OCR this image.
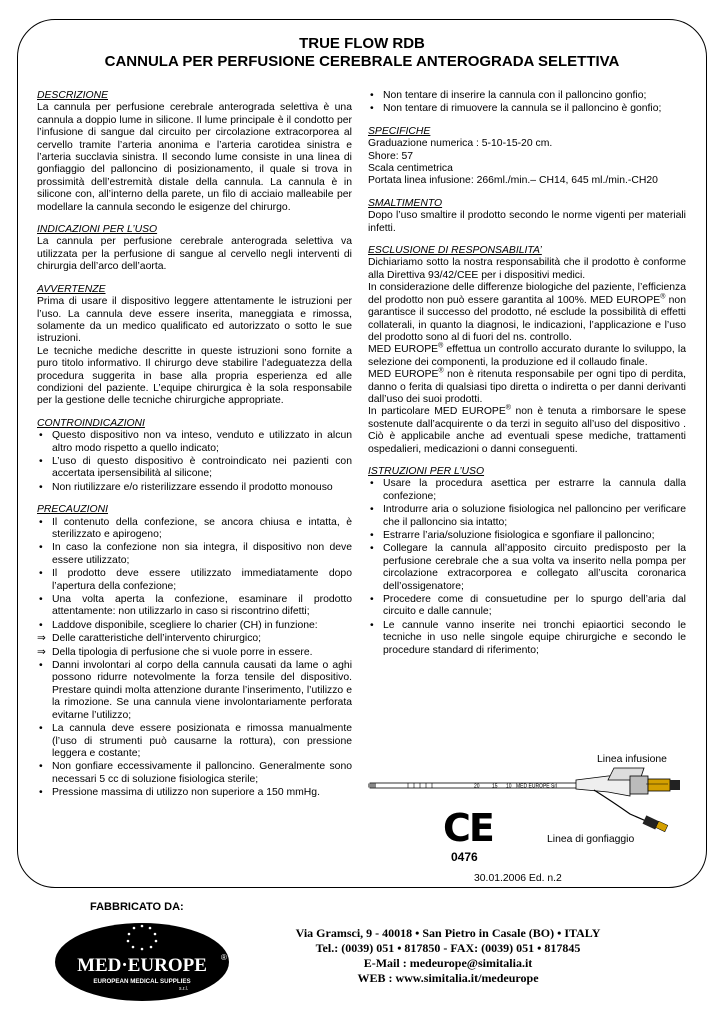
TRUE FLOW RDB
CANNULA PER PERFUSIONE CEREBRALE ANTEROGRADA SELETTIVA
DESCRIZIONE
La cannula per perfusione cerebrale anterograda selettiva è una cannula a doppio lume in silicone. Il lume principale è il condotto per l’infusione di sangue dal circuito per circolazione extracorporea al cervello tramite l’arteria anonima e l’arteria carotidea sinistra e l’arteria succlavia sinistra. Il secondo lume consiste in una linea di gonfiaggio del palloncino di posizionamento, il quale si trova in prossimità dell’estremità distale della cannula. La cannula è in silicone con, all’interno della parete, un filo di acciaio malleabile per modellare la cannula secondo le esigenze del chirurgo.
INDICAZIONI PER L’USO
La cannula per perfusione cerebrale anterograda selettiva va utilizzata per la perfusione di sangue al cervello negli interventi di chirurgia dell’arco dell’aorta.
AVVERTENZE
Prima di usare il dispositivo leggere attentamente le istruzioni per l’uso. La cannula deve essere inserita, maneggiata e rimossa, solamente da un medico qualificato ed autorizzato o sotto le sue istruzioni.
Le tecniche mediche descritte in queste istruzioni sono fornite a puro titolo informativo. Il chirurgo deve stabilire l’adeguatezza della procedura suggerita in base alla propria esperienza ed alle condizioni del paziente. L’equipe chirurgica è la sola responsabile per la gestione delle tecniche chirurgiche appropriate.
CONTROINDICAZIONI
• Questo dispositivo non va inteso, venduto e utilizzato in alcun altro modo rispetto a quello indicato;
• L’uso di questo dispositivo è controindicato nei pazienti con accertata ipersensibilità al silicone;
• Non riutilizzare e/o risterilizzare essendo il prodotto monouso
PRECAUZIONI
• Il contenuto della confezione, se ancora chiusa e intatta, è sterilizzato e apirogeno;
• In caso la confezione non sia integra, il dispositivo non deve essere utilizzato;
• Il prodotto deve essere utilizzato immediatamente dopo l’apertura della confezione;
• Una volta aperta la confezione, esaminare il prodotto attentamente: non utilizzarlo in caso si riscontrino difetti;
• Laddove disponibile, scegliere lo charier (CH) in funzione:
⇒ Delle caratteristiche dell’intervento chirurgico;
⇒ Della tipologia di perfusione che si vuole porre in essere.
• Danni involontari al corpo della cannula causati da lame o aghi possono ridurre notevolmente la forza tensile del dispositivo. Prestare quindi molta attenzione durante l’inserimento, l’utilizzo e la rimozione. Se una cannula viene involontariamente perforata evitarne l’utilizzo;
• La cannula deve essere posizionata e rimossa manualmente (l’uso di strumenti può causarne la rottura), con pressione leggera e costante;
• Non gonfiare eccessivamente il palloncino. Generalmente sono necessari 5 cc di soluzione fisiologica sterile;
• Pressione massima di utilizzo non superiore a 150 mmHg.
• Non tentare di inserire la cannula con il palloncino gonfio;
• Non tentare di rimuovere la cannula se il palloncino è gonfio;
SPECIFICHE
Graduazione numerica : 5-10-15-20 cm.
Shore: 57
Scala centimetrica
Portata linea infusione: 266ml./min.– CH14, 645 ml./min.-CH20
SMALTIMENTO
Dopo l’uso smaltire il prodotto secondo le norme vigenti per materiali infetti.
ESCLUSIONE DI RESPONSABILITA’
Dichiariamo sotto la nostra responsabilità che il prodotto è conforme alla Direttiva 93/42/CEE per i dispositivi medici.
In considerazione delle differenze biologiche del paziente, l’efficienza del prodotto non può essere garantita al 100%. MED EUROPE® non garantisce il successo del prodotto, né esclude la possibilità di effetti collaterali, in quanto la diagnosi, le indicazioni, l’applicazione e l’uso del prodotto sono al di fuori del ns. controllo.
MED EUROPE® effettua un controllo accurato durante lo sviluppo, la selezione dei componenti, la produzione ed il collaudo finale.
MED EUROPE® non è ritenuta responsabile per ogni tipo di perdita, danno o ferita di qualsiasi tipo diretta o indiretta o per danni derivanti dall’uso dei suoi prodotti.
In particolare MED EUROPE® non è tenuta a rimborsare le spese sostenute dall’acquirente o da terzi in seguito all’uso del dispositivo . Ciò è applicabile anche ad eventuali spese mediche, trattamenti ospedalieri, medicazioni o danni conseguenti.
ISTRUZIONI PER L’USO
• Usare la procedura asettica per estrarre la cannula dalla confezione;
• Introdurre aria o soluzione fisiologica nel palloncino per verificare che il palloncino sia intatto;
• Estrarre l’aria/soluzione fisiologica e sgonfiare il palloncino;
• Collegare la cannula all’apposito circuito predisposto per la perfusione cerebrale che a sua volta va inserito nella pompa per circolazione extracorporea e collegato all’uscita coronarica dell’ossigenatore;
• Procedere come di consuetudine per lo spurgo dell’aria dal circuito e dalle cannule;
• Le cannule vanno inserite nei tronchi epiaortici secondo le tecniche in uso nelle singole equipe chirurgiche e secondo le procedure standard di riferimento;
Linea infusione
20 15 10 MED EUROPE Srl
Linea di gonfiaggio
CE
0476
30.01.2006 Ed. n.2
FABBRICATO DA:
MED·EUROPE ®
EUROPEAN MEDICAL SUPPLIES
s.r.l.
Via Gramsci, 9 - 40018 • San Pietro in Casale (BO) • ITALY
Tel.: (0039) 051 • 817850 - FAX: (0039) 051 • 817845
E-Mail : medeurope@simitalia.it
WEB : www.simitalia.it/medeurope
